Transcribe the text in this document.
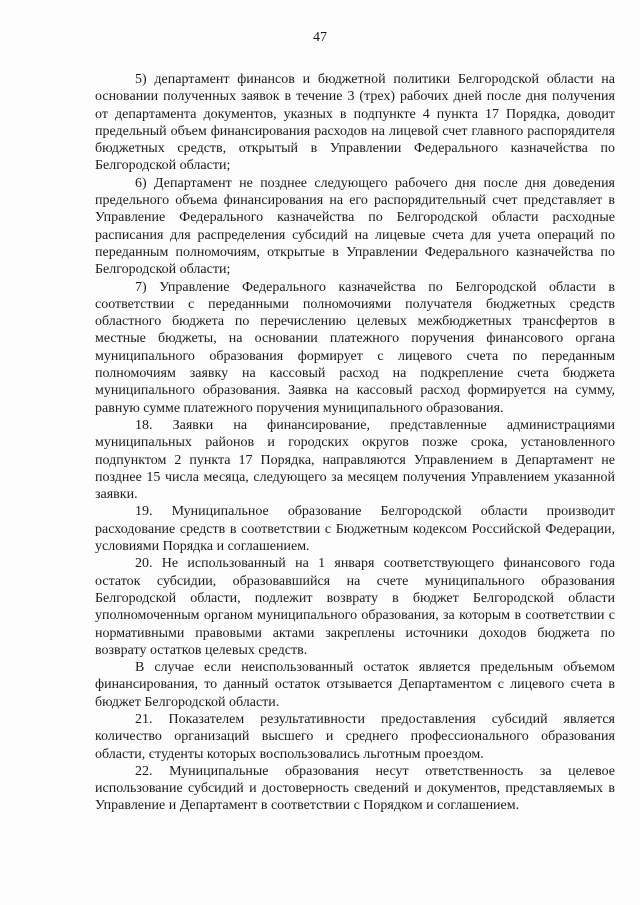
47

5) департамент финансов и бюджетной политики Белгородской области на основании полученных заявок в течение 3 (трех) рабочих дней после дня получения от департамента документов, указных в подпункте 4 пункта 17 Порядка, доводит предельный объем финансирования расходов на лицевой счет главного распорядителя бюджетных средств, открытый в Управлении Федерального казначейства по Белгородской области;

6) Департамент не позднее следующего рабочего дня после дня доведения предельного объема финансирования на его распорядительный счет представляет в Управление Федерального казначейства по Белгородской области расходные расписания для распределения субсидий на лицевые счета для учета операций по переданным полномочиям, открытые в Управлении Федерального казначейства по Белгородской области;

7) Управление Федерального казначейства по Белгородской области в соответствии с переданными полномочиями получателя бюджетных средств областного бюджета по перечислению целевых межбюджетных трансфертов в местные бюджеты, на основании платежного поручения финансового органа муниципального образования формирует с лицевого счета по переданным полномочиям заявку на кассовый расход на подкрепление счета бюджета муниципального образования. Заявка на кассовый расход формируется на сумму, равную сумме платежного поручения муниципального образования.

18. Заявки на финансирование, представленные администрациями муниципальных районов и городских округов позже срока, установленного подпунктом 2 пункта 17 Порядка, направляются Управлением в Департамент не позднее 15 числа месяца, следующего за месяцем получения Управлением указанной заявки.

19. Муниципальное образование Белгородской области производит расходование средств в соответствии с Бюджетным кодексом Российской Федерации, условиями Порядка и соглашением.

20. Не использованный на 1 января соответствующего финансового года остаток субсидии, образовавшийся на счете муниципального образования Белгородской области, подлежит возврату в бюджет Белгородской области уполномоченным органом муниципального образования, за которым в соответствии с нормативными правовыми актами закреплены источники доходов бюджета по возврату остатков целевых средств.

В случае если неиспользованный остаток является предельным объемом финансирования, то данный остаток отзывается Департаментом с лицевого счета в бюджет Белгородской области.

21. Показателем результативности предоставления субсидий является количество организаций высшего и среднего профессионального образования области, студенты которых воспользовались льготным проездом.

22. Муниципальные образования несут ответственность за целевое использование субсидий и достоверность сведений и документов, представляемых в Управление и Департамент в соответствии с Порядком и соглашением.
